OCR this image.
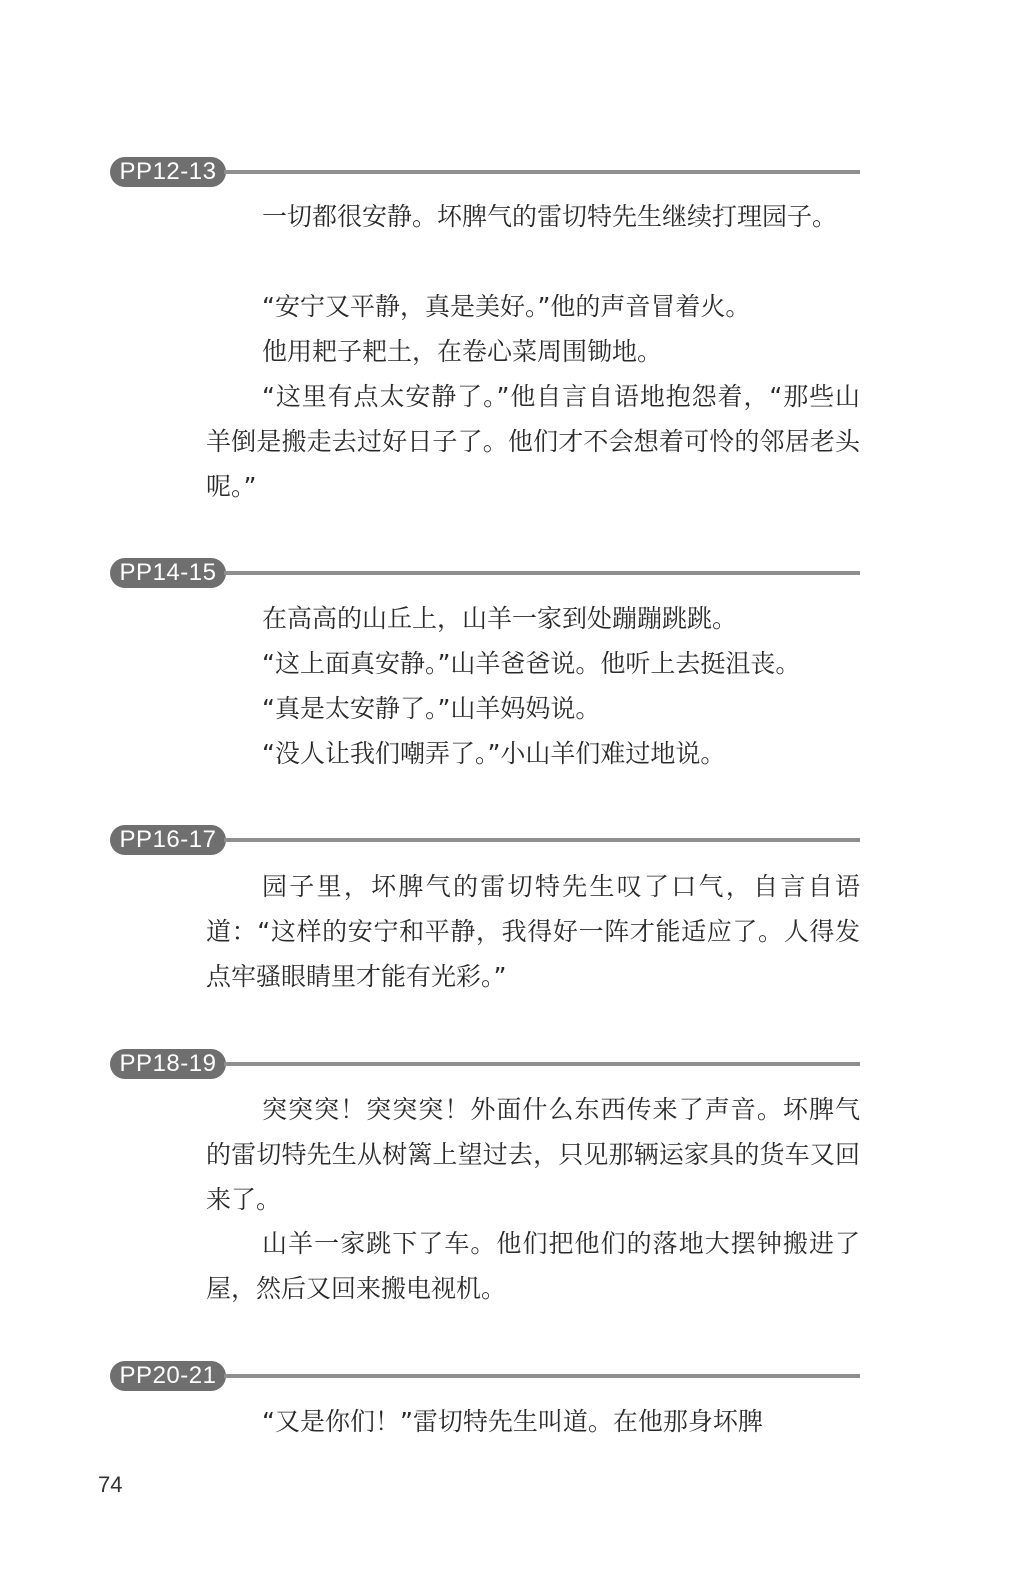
PP12-13

一切都很安静。坏脾气的雷切特先生继续打理园子。

“安宁又平静，真是美好。”他的声音冒着火。

他用耙子耙土，在卷心菜周围锄地。

“这里有点太安静了。”他自言自语地抱怨着，“那些山羊倒是搬走去过好日子了。他们才不会想着可怜的邻居老头呢。”

PP14-15

在高高的山丘上，山羊一家到处蹦蹦跳跳。

“这上面真安静。”山羊爸爸说。他听上去挺沮丧。

“真是太安静了。”山羊妈妈说。

“没人让我们嘲弄了。”小山羊们难过地说。

PP16-17

园子里，坏脾气的雷切特先生叹了口气，自言自语道：“这样的安宁和平静，我得好一阵才能适应了。人得发点牢骚眼睛里才能有光彩。”

PP18-19

突突突！突突突！外面什么东西传来了声音。坏脾气的雷切特先生从树篱上望过去，只见那辆运家具的货车又回来了。

山羊一家跳下了车。他们把他们的落地大摆钟搬进了屋，然后又回来搬电视机。

PP20-21

“又是你们！”雷切特先生叫道。在他那身坏脾

74
